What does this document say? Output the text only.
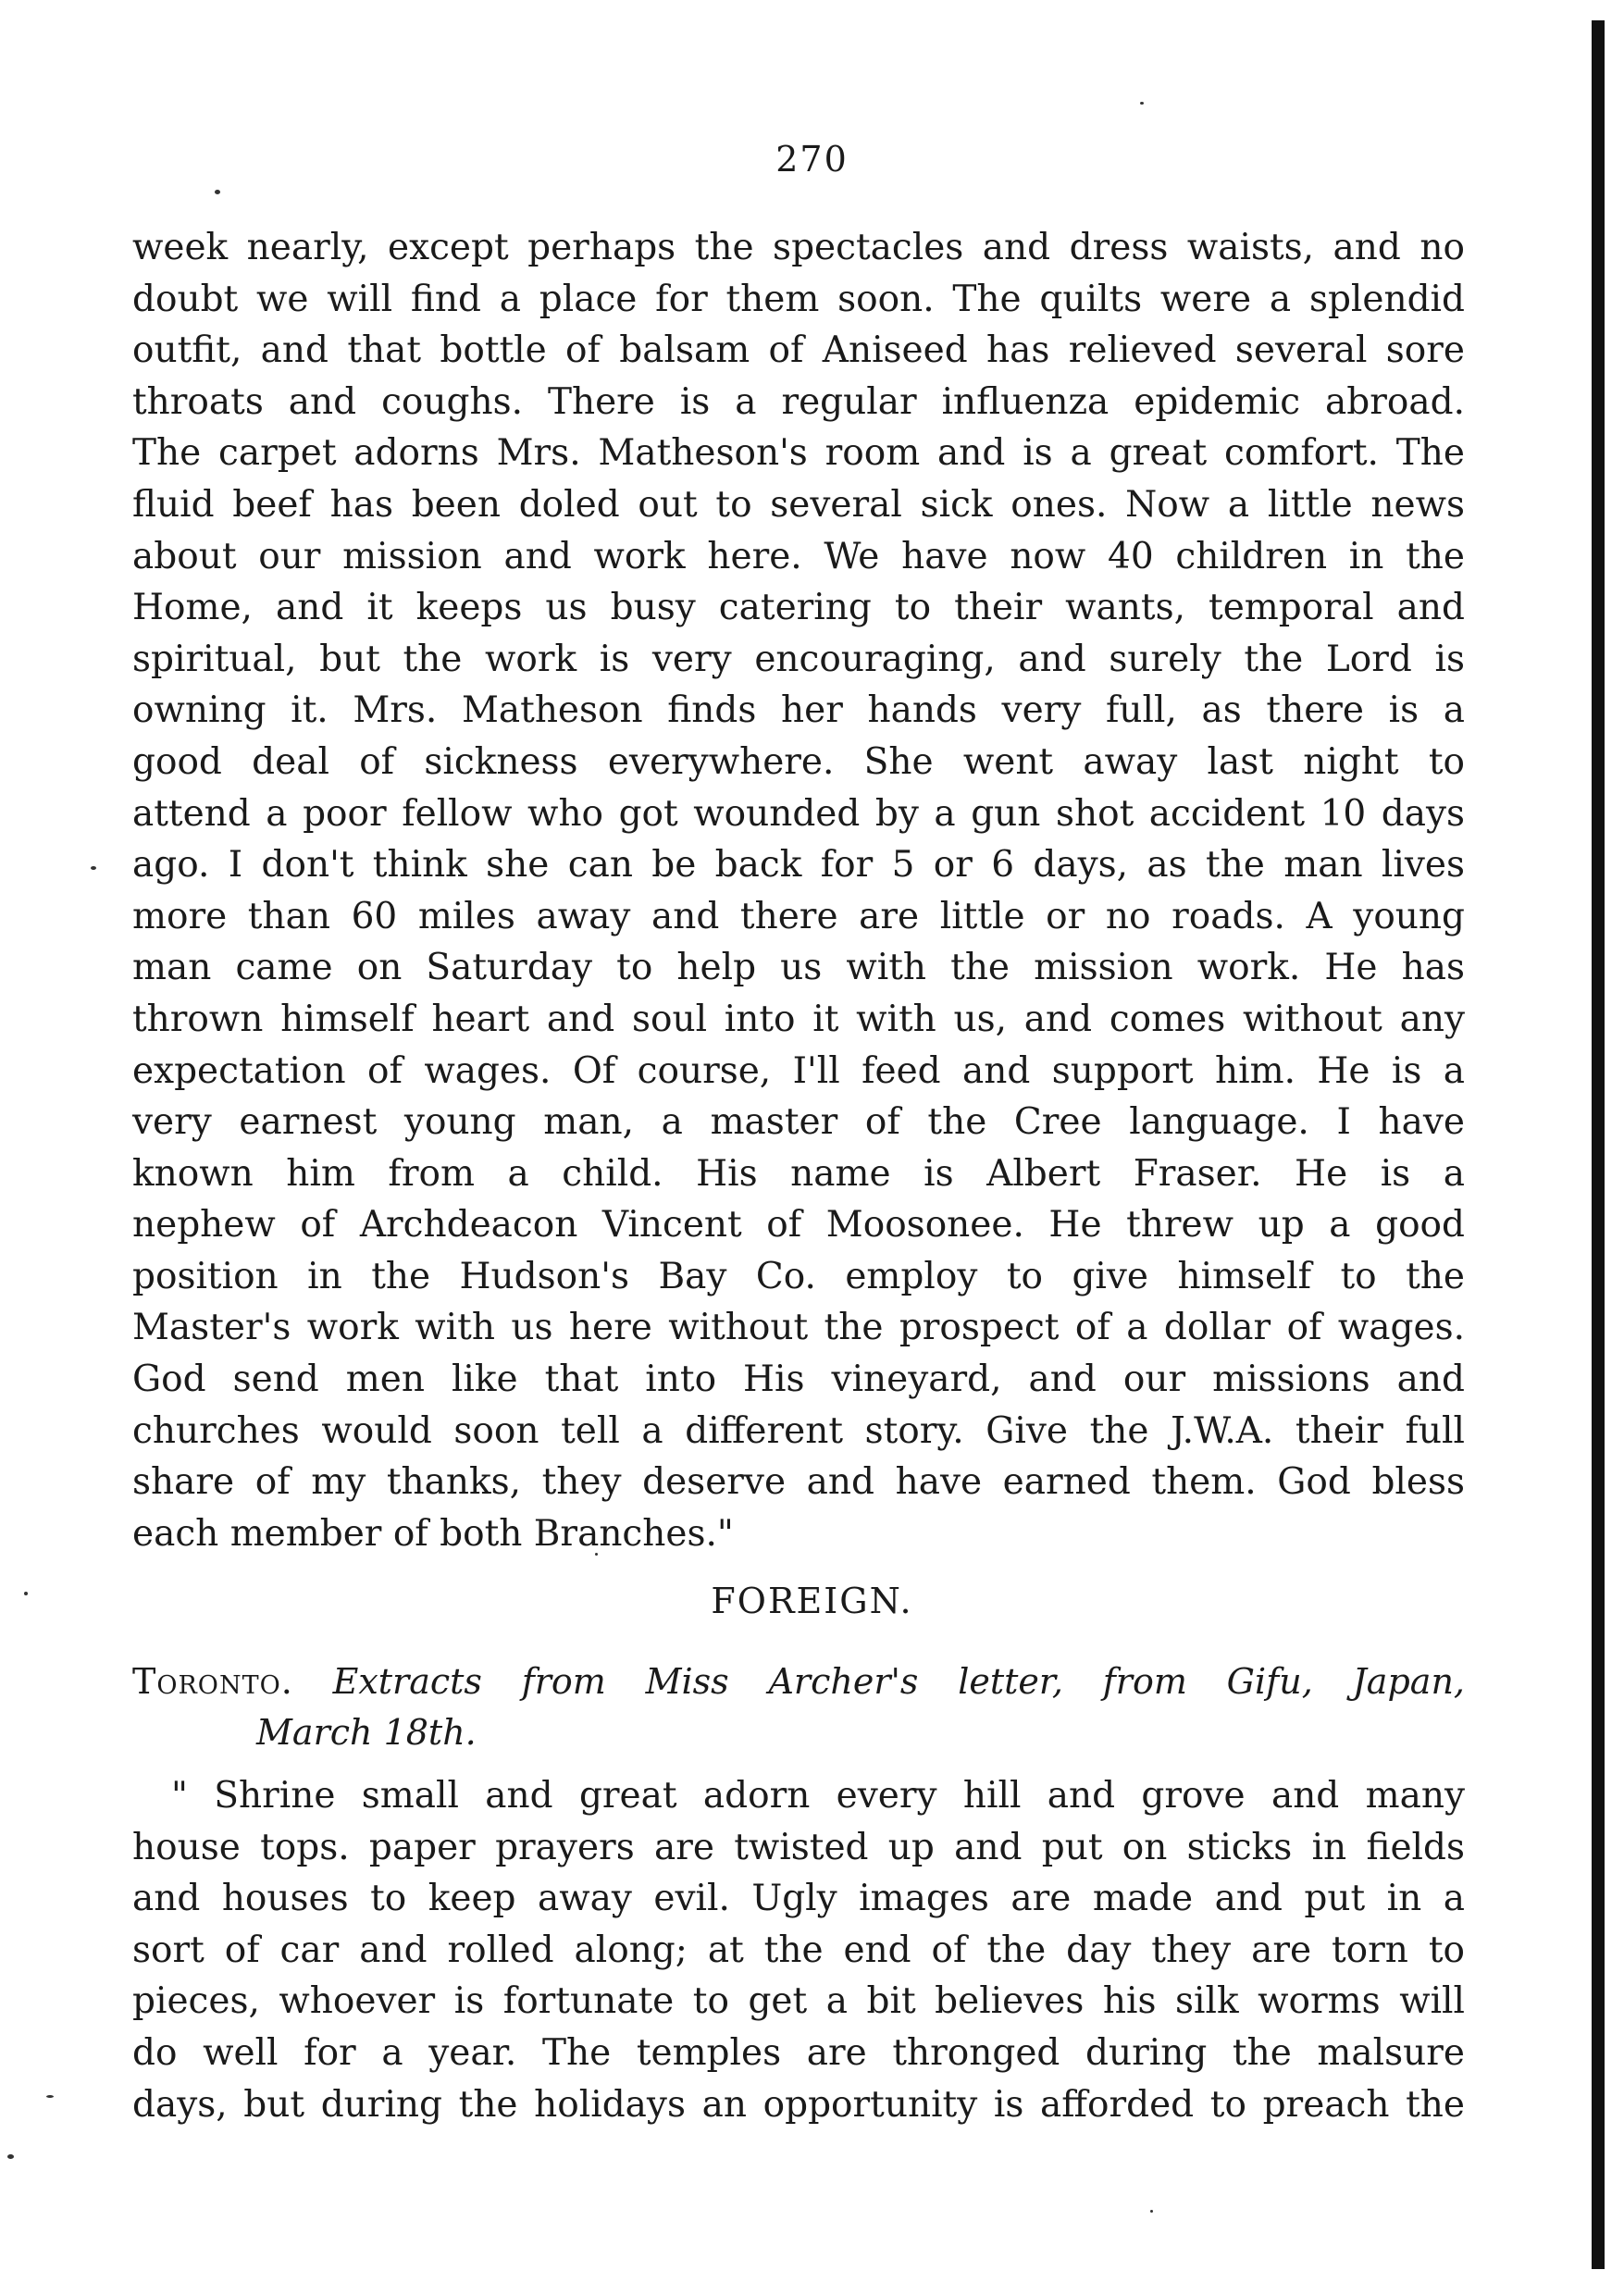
270
week nearly, except perhaps the spectacles and dress waists, and no
doubt we will find a place for them soon. The quilts were a splendid
outfit, and that bottle of balsam of Aniseed has relieved several sore
throats and coughs. There is a regular influenza epidemic abroad.
The carpet adorns Mrs. Matheson's room and is a great comfort. The
fluid beef has been doled out to several sick ones. Now a little news
about our mission and work here. We have now 40 children in the
Home, and it keeps us busy catering to their wants, temporal and
spiritual, but the work is very encouraging, and surely the Lord is
owning it. Mrs. Matheson finds her hands very full, as there is a
good deal of sickness everywhere. She went away last night to
attend a poor fellow who got wounded by a gun shot accident 10 days
ago. I don't think she can be back for 5 or 6 days, as the man lives
more than 60 miles away and there are little or no roads. A young
man came on Saturday to help us with the mission work. He has
thrown himself heart and soul into it with us, and comes without any
expectation of wages. Of course, I'll feed and support him. He is a
very earnest young man, a master of the Cree language. I have
known him from a child. His name is Albert Fraser. He is a
nephew of Archdeacon Vincent of Moosonee. He threw up a good
position in the Hudson's Bay Co. employ to give himself to the
Master's work with us here without the prospect of a dollar of wages.
God send men like that into His vineyard, and our missions and
churches would soon tell a different story. Give the J.W.A. their full
share of my thanks, they deserve and have earned them. God bless
each member of both Branches."
FOREIGN.
Toronto. Extracts from Miss Archer's letter, from Gifu, Japan,
March 18th.
" Shrine small and great adorn every hill and grove and many
house tops. paper prayers are twisted up and put on sticks in fields
and houses to keep away evil. Ugly images are made and put in a
sort of car and rolled along; at the end of the day they are torn to
pieces, whoever is fortunate to get a bit believes his silk worms will
do well for a year. The temples are thronged during the malsure
days, but during the holidays an opportunity is afforded to preach the
